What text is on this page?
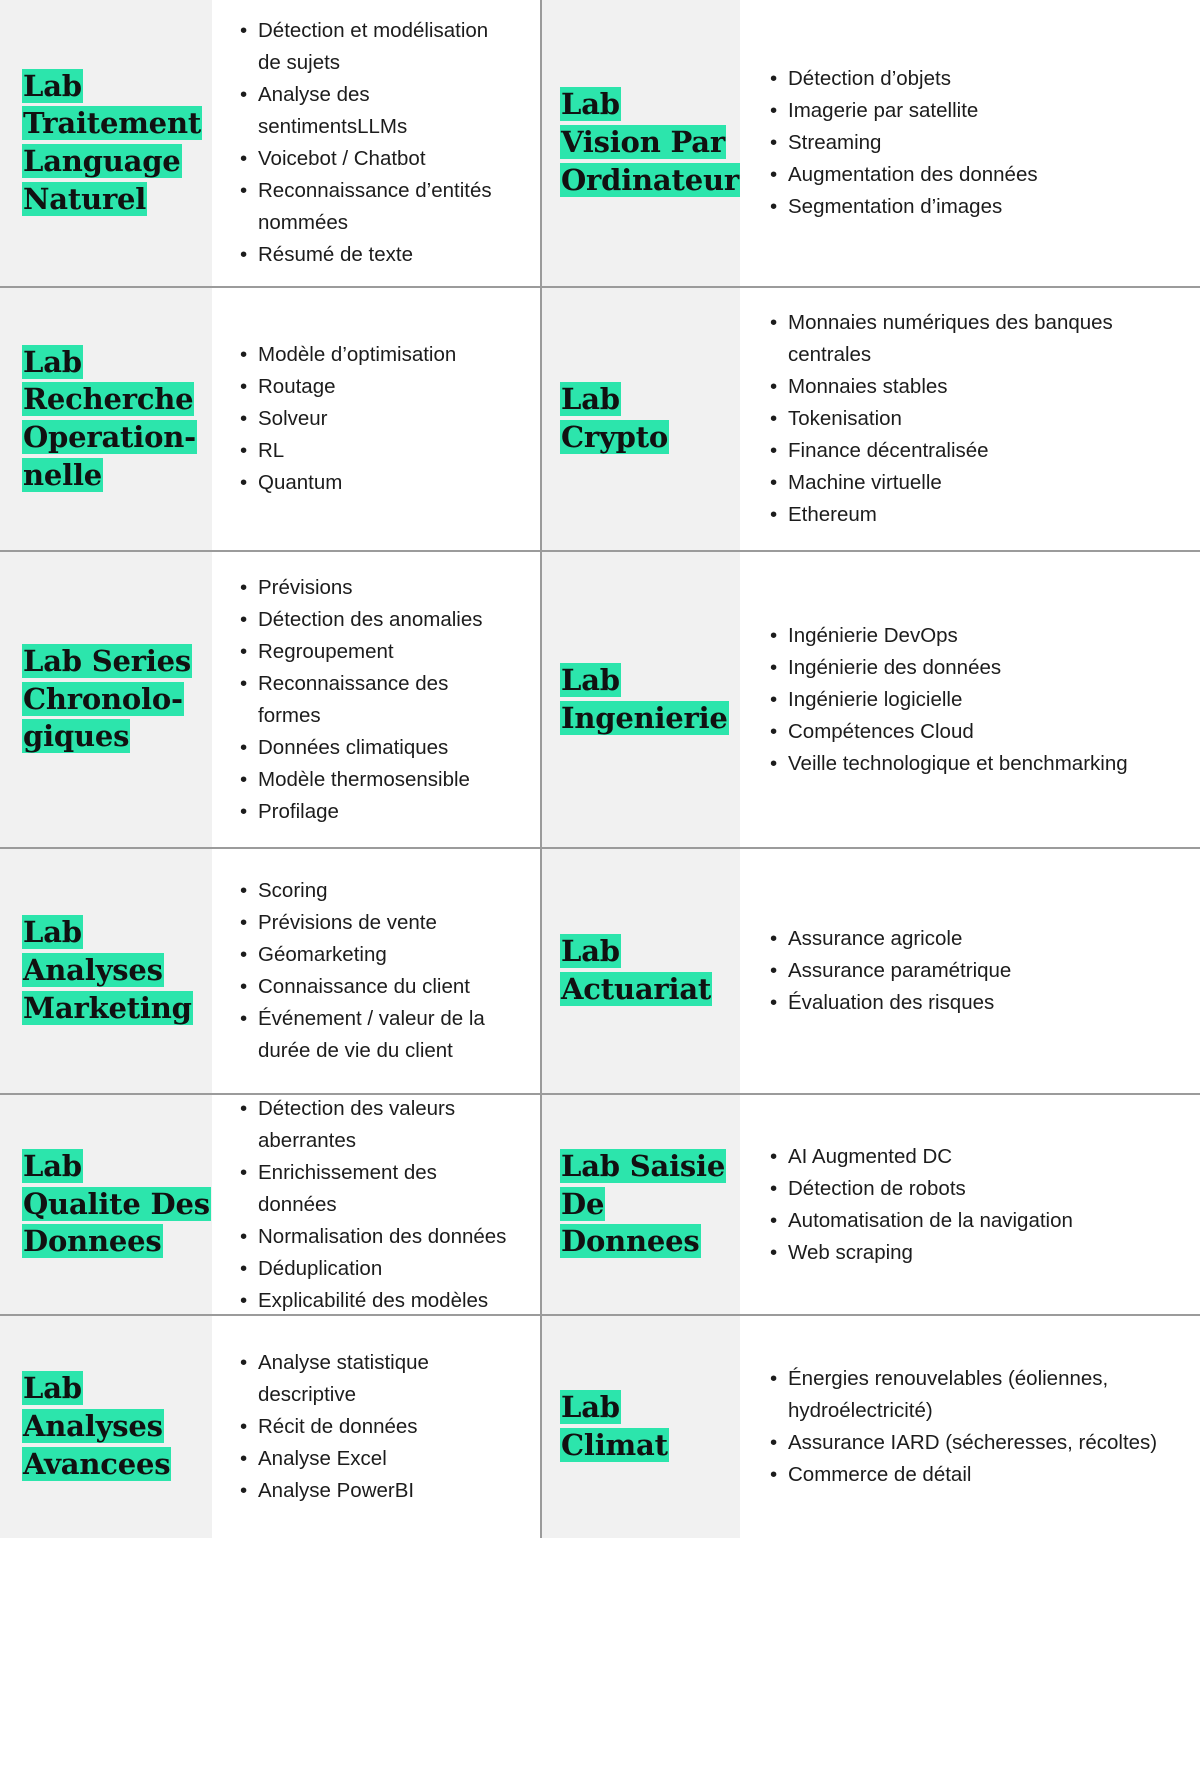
Lab
Traitement
Language
Naturel
• Détection et modélisation de sujets
• Analyse des sentimentsLLMs
• Voicebot / Chatbot
• Reconnaissance d’entités nommées
• Résumé de texte
Lab
Vision Par
Ordinateur
• Détection d’objets
• Imagerie par satellite
• Streaming
• Augmentation des données
• Segmentation d’images
Lab
Recherche
Operation-
nelle
• Modèle d’optimisation
• Routage
• Solveur
• RL
• Quantum
Lab
Crypto
• Monnaies numériques des banques centrales
• Monnaies stables
• Tokenisation
• Finance décentralisée
• Machine virtuelle
• Ethereum
Lab Series
Chronolo-
giques
• Prévisions
• Détection des anomalies
• Regroupement
• Reconnaissance des formes
• Données climatiques
• Modèle thermosensible
• Profilage
Lab
Ingenierie
• Ingénierie DevOps
• Ingénierie des données
• Ingénierie logicielle
• Compétences Cloud
• Veille technologique et benchmarking
Lab
Analyses
Marketing
• Scoring
• Prévisions de vente
• Géomarketing
• Connaissance du client
• Événement / valeur de la durée de vie du client
Lab
Actuariat
• Assurance agricole
• Assurance paramétrique
• Évaluation des risques
Lab
Qualite Des
Donnees
• Détection des valeurs aberrantes
• Enrichissement des données
• Normalisation des données
• Déduplication
• Explicabilité des modèles
Lab Saisie
De Donnees
• AI Augmented DC
• Détection de robots
• Automatisation de la navigation
• Web scraping
Lab
Analyses
Avancees
• Analyse statistique descriptive
• Récit de données
• Analyse Excel
• Analyse PowerBI
Lab
Climat
• Énergies renouvelables (éoliennes, hydroélectricité)
• Assurance IARD (sécheresses, récoltes)
• Commerce de détail
